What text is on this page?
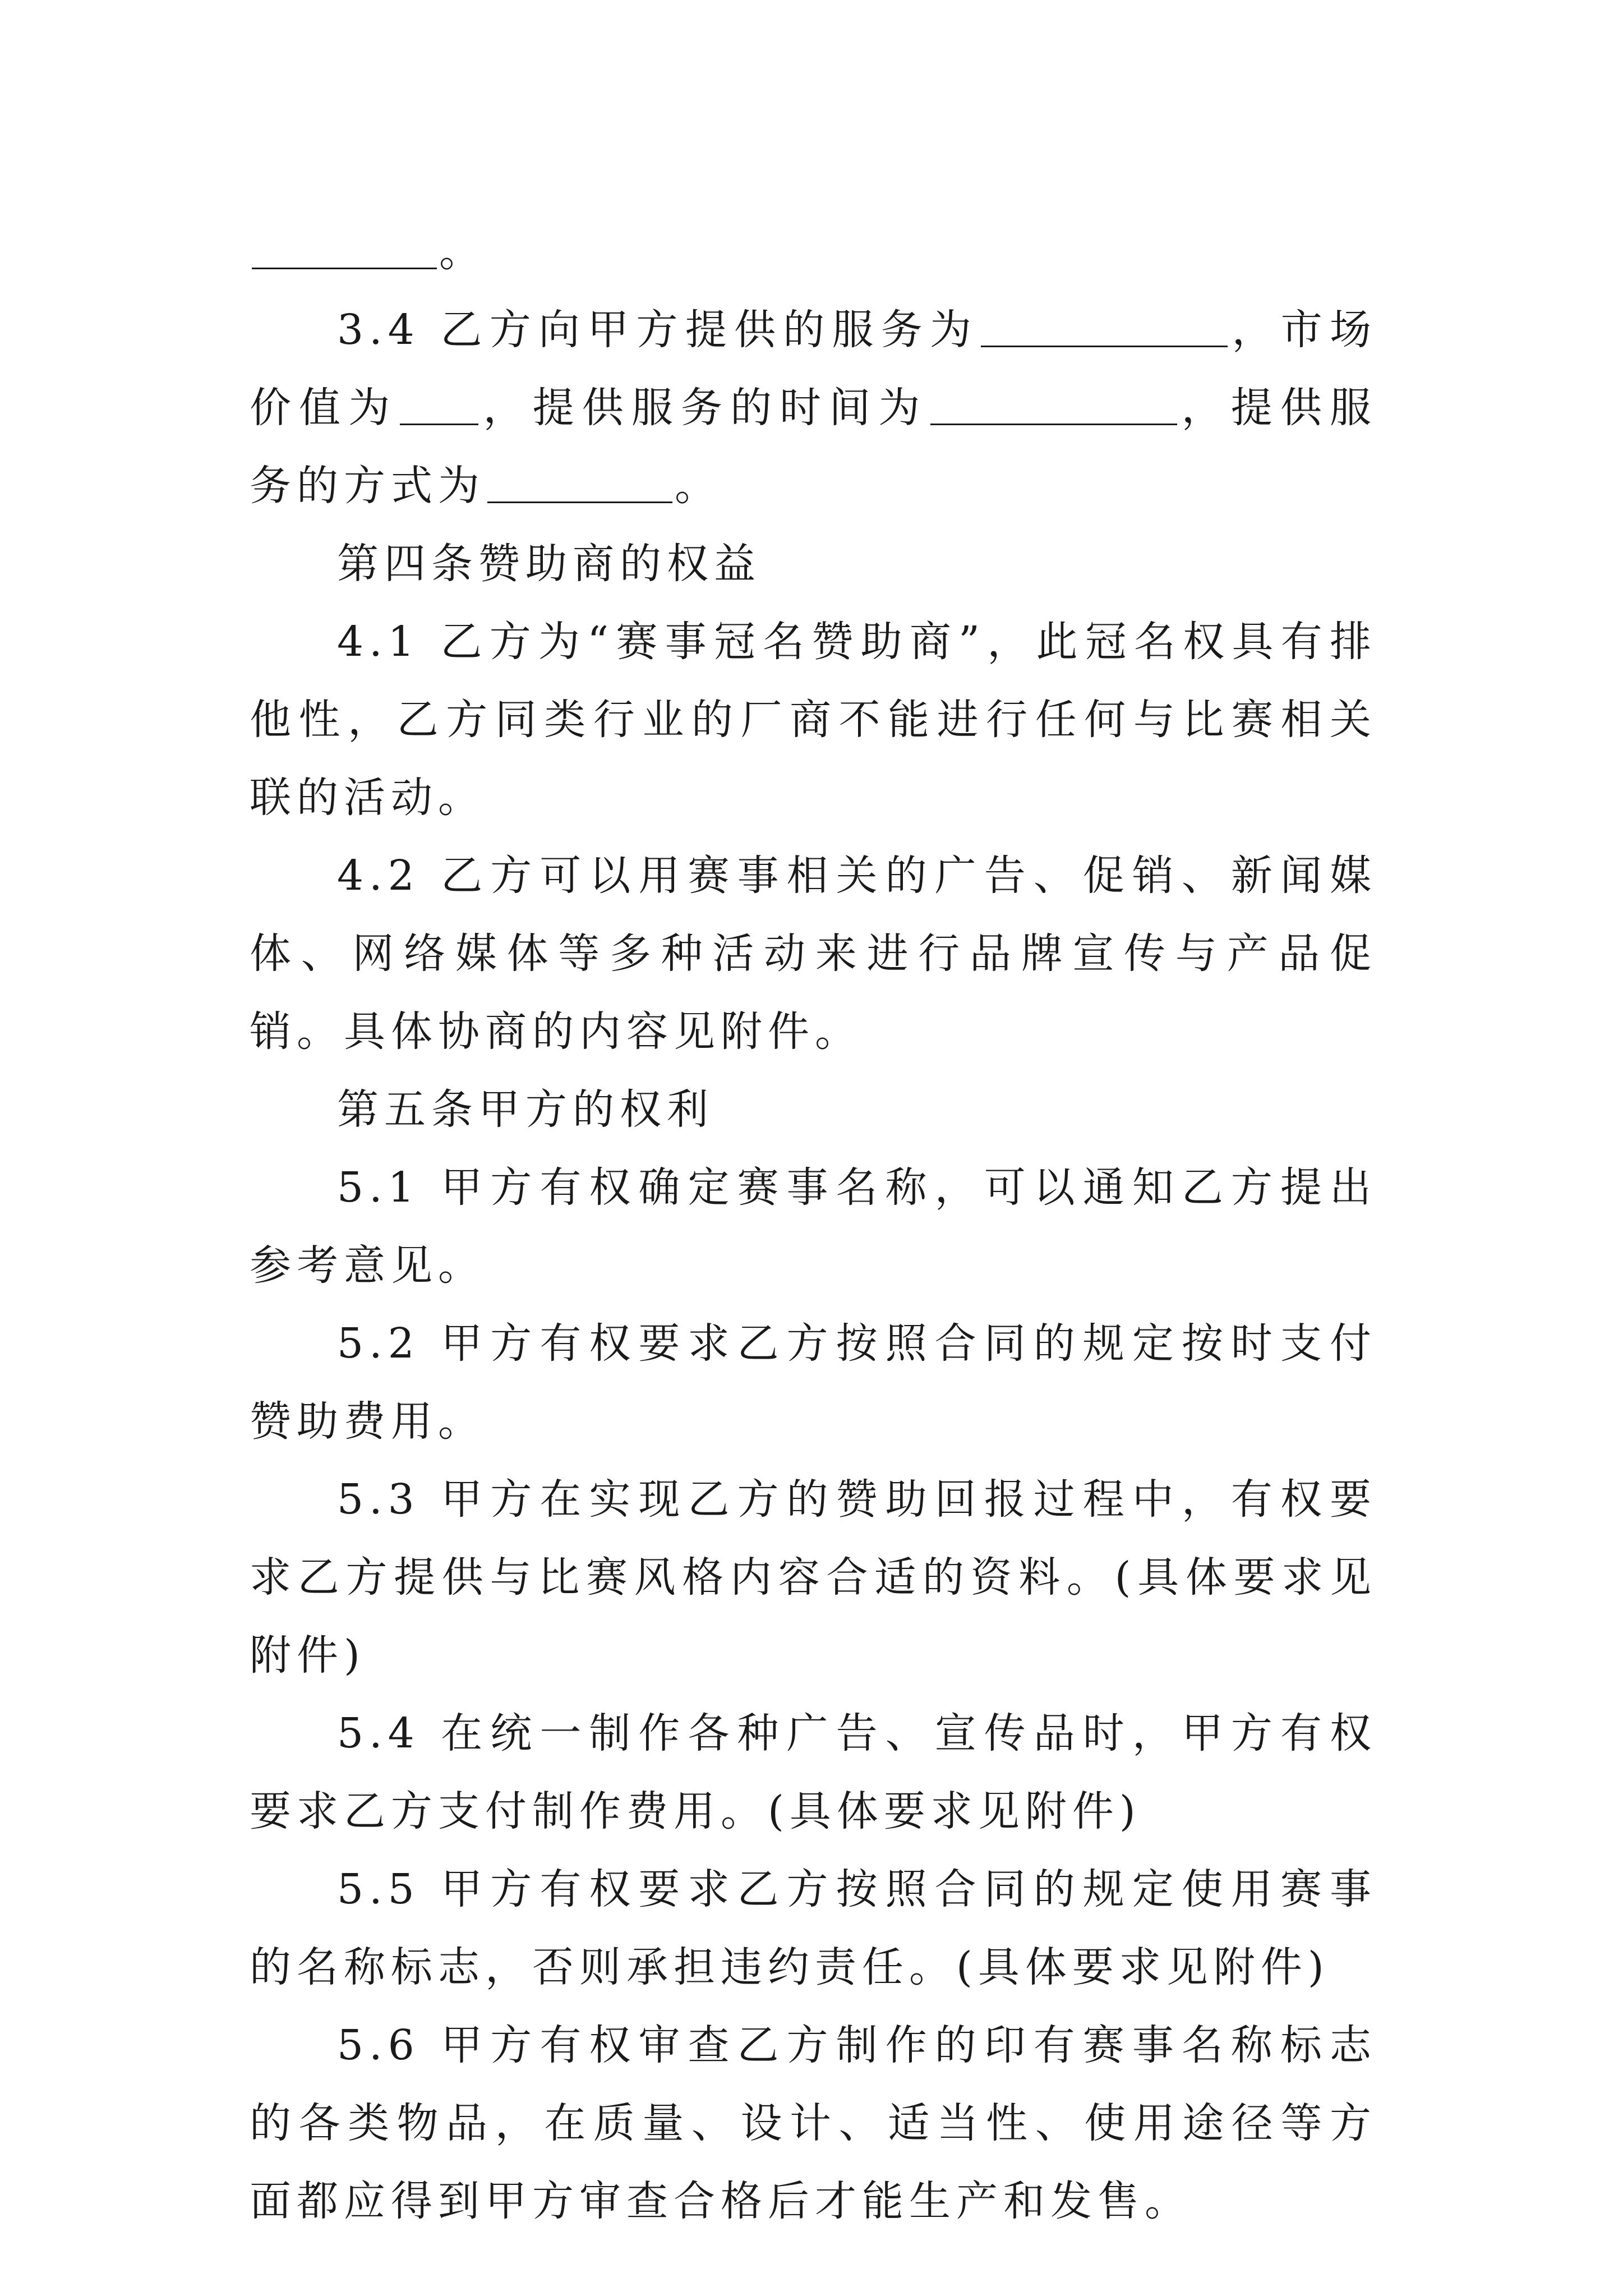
。

3.4 乙方向甲方提供的服务为	，市场价值为 ，提供服务的时间为	，提供服务的方式为	。

第四条赞助商的权益

4.1 乙方为“赛事冠名赞助商”，此冠名权具有排他性，乙方同类行业的厂商不能进行任何与比赛相关联的活动。

4.2 乙方可以用赛事相关的广告、促销、新闻媒体、网络媒体等多种活动来进行品牌宣传与产品促销。具体协商的内容见附件。

第五条甲方的权利

5.1 甲方有权确定赛事名称，可以通知乙方提出参考意见。

5.2 甲方有权要求乙方按照合同的规定按时支付赞助费用。

5.3 甲方在实现乙方的赞助回报过程中，有权要求乙方提供与比赛风格内容合适的资料。(具体要求见附件)

5.4 在统一制作各种广告、宣传品时，甲方有权要求乙方支付制作费用。(具体要求见附件)

5.5 甲方有权要求乙方按照合同的规定使用赛事的名称标志，否则承担违约责任。(具体要求见附件)

5.6 甲方有权审查乙方制作的印有赛事名称标志的各类物品，在质量、设计、适当性、使用途径等方面都应得到甲方审查合格后才能生产和发售。
